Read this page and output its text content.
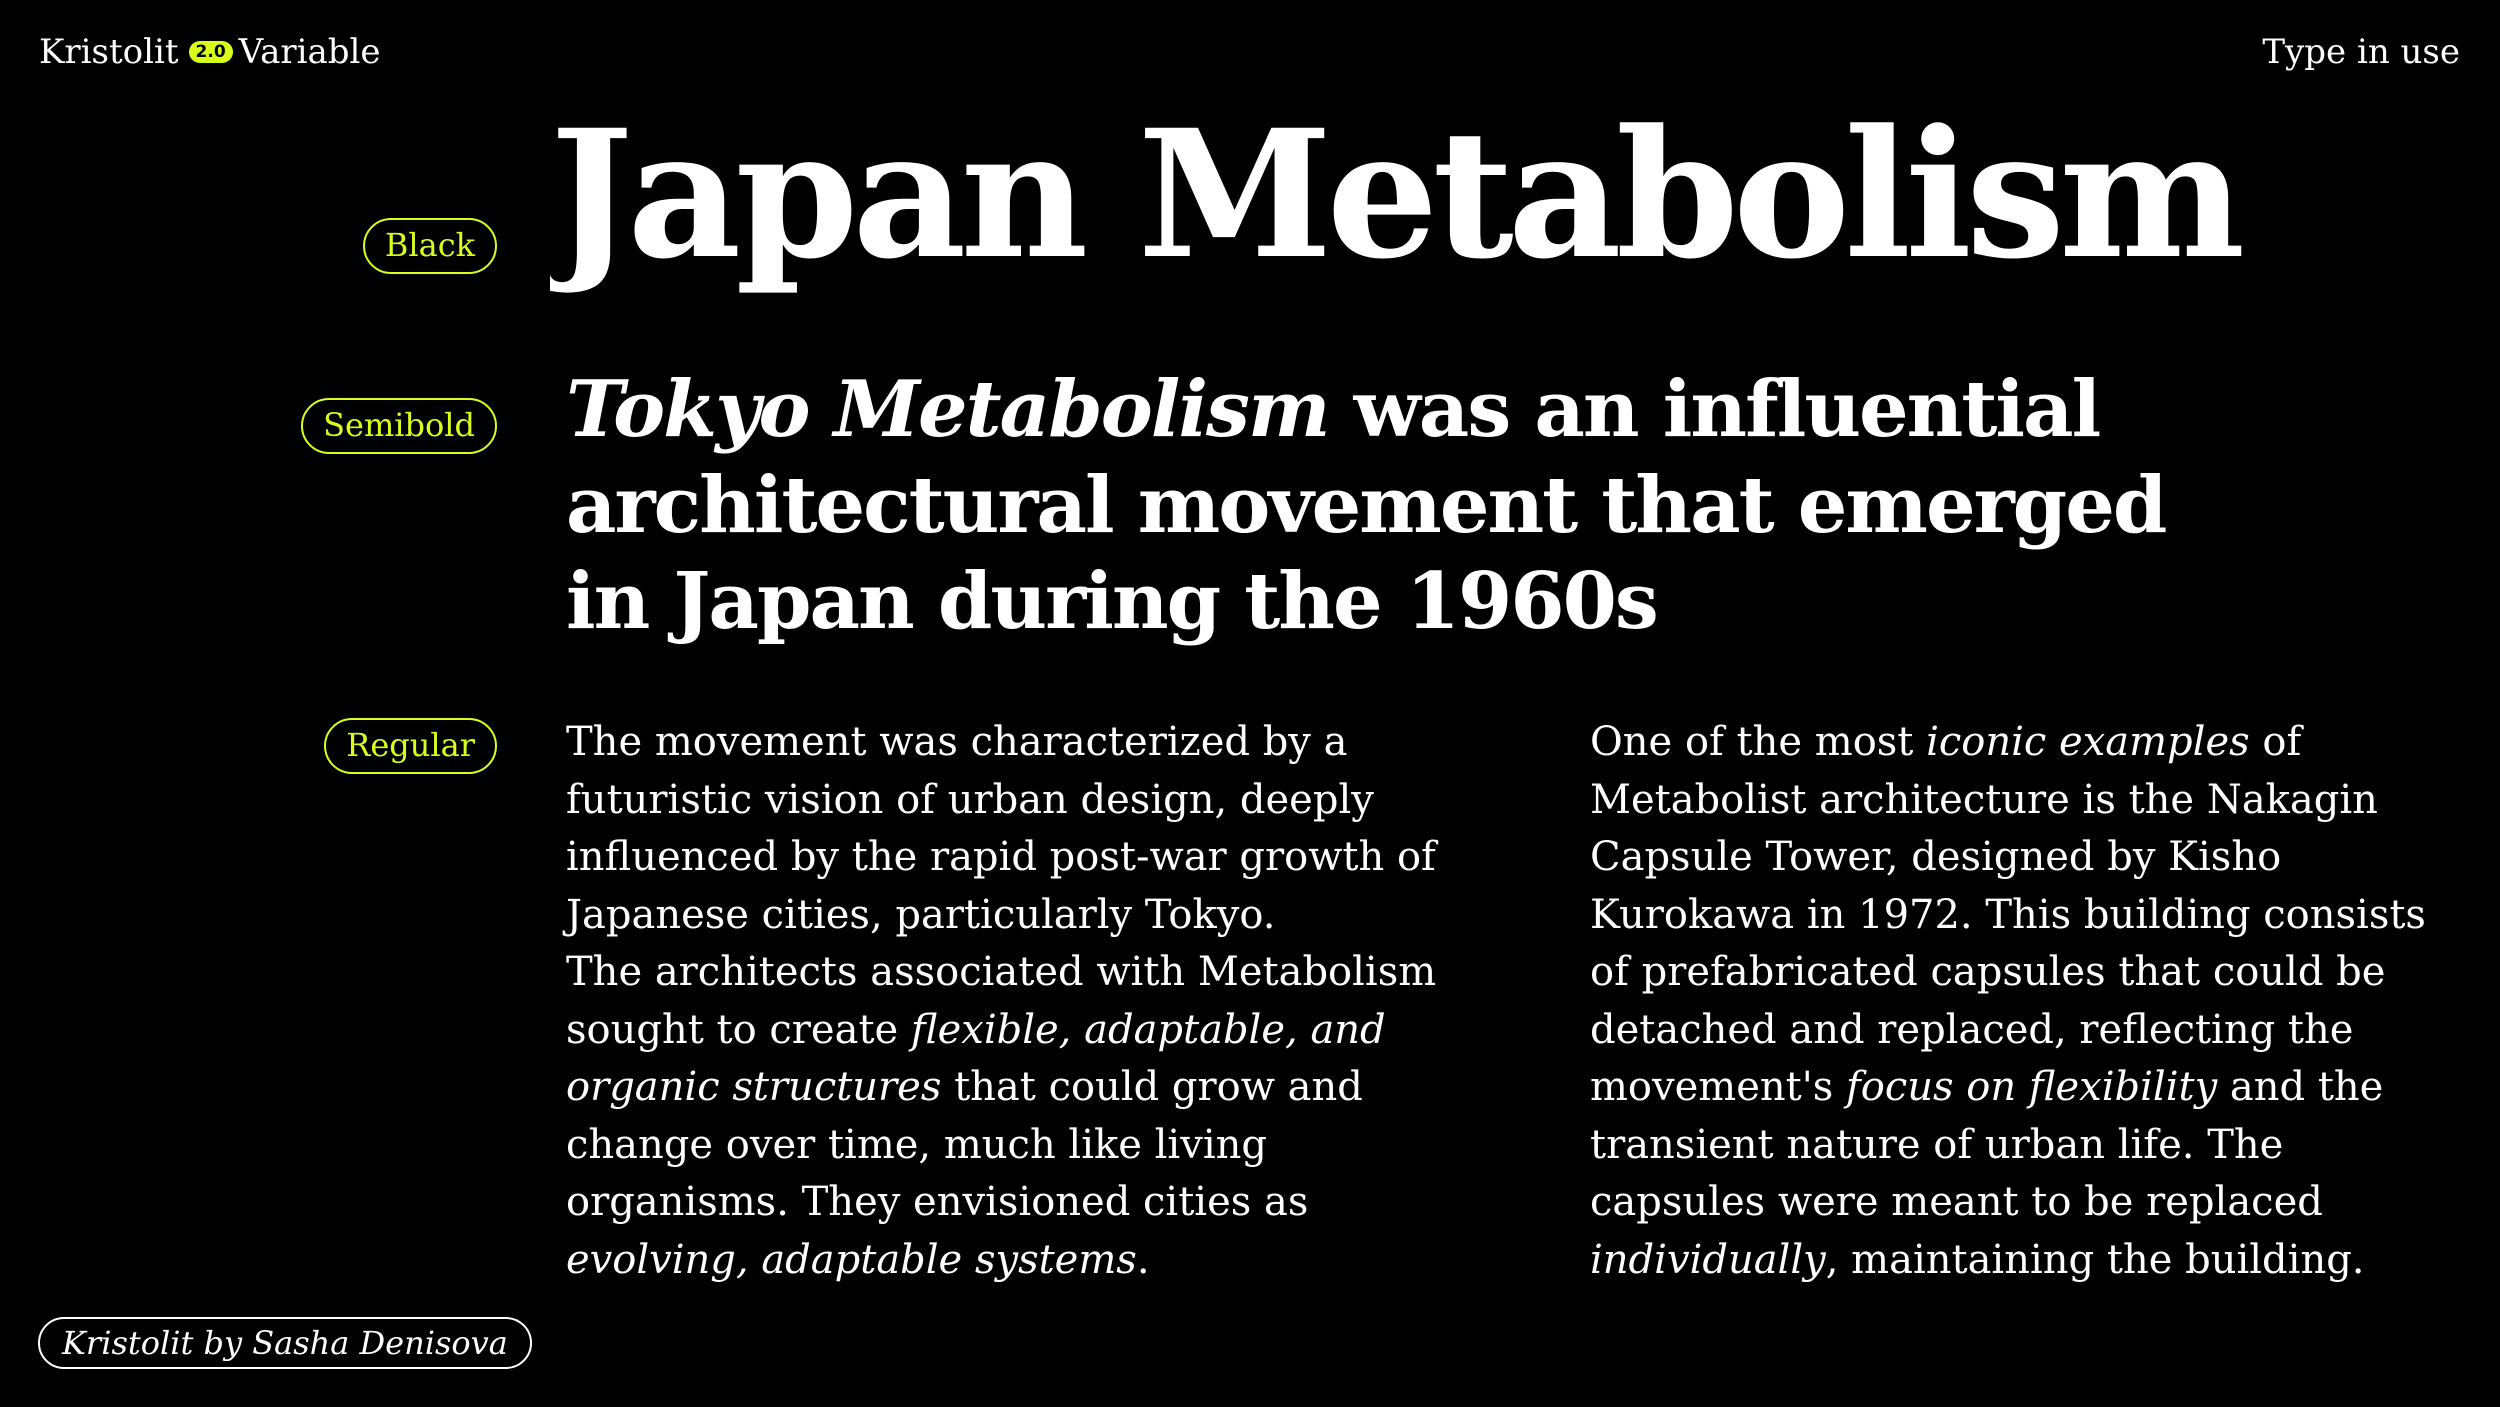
Kristolit	2.0 Variable	Type in use
Black
Semibold
Regular
Japan Metabolism
Tokyo Metabolism was an influential architectural movement that emerged in Japan during the 1960s

The movement was characterized by a futuristic vision of urban design, deeply influenced by the rapid post-war growth of Japanese cities, particularly Tokyo.

The architects associated with Metabolism sought to create flexible, adaptable, and organic structures that could grow and change over time, much like living organisms. They envisioned cities as evolving, adaptable systems.

One of the most iconic examples of Metabolist architecture is the Nakagin Capsule Tower, designed by Kisho Kurokawa in 1972. This building consists of prefabricated capsules that could be detached and replaced, reflecting the movement's focus on flexibility and the transient nature of urban life. The capsules were meant to be replaced individually, maintaining the building.

Kristolit by Sasha Denisova
